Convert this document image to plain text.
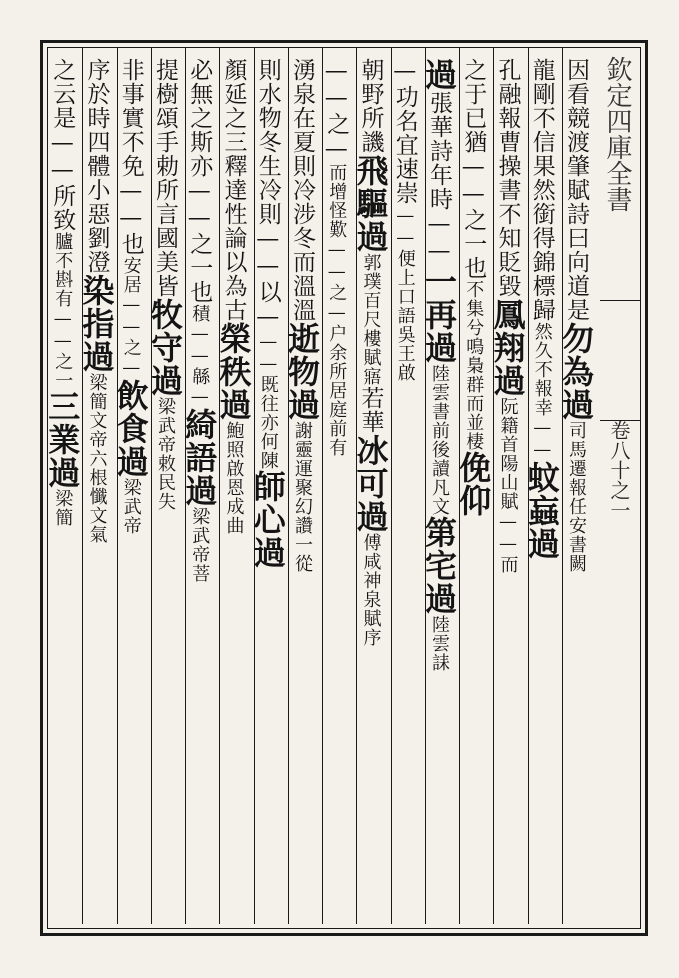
欽定四庫全書
卷八十之一
因看競渡肇賦詩曰向道是勿為過司馬遷報任安書闕
龍剛不信果然銜得錦標歸然久不報幸——蚊蝱過
孔融報曹操書不知貶毀鳳翔過阮籍首陽山賦——而
之于已猶——之一也不集兮鳴梟群而並棲俛仰
過張華詩年時——一再過陸雲書前後讀凡文第宅過陸雲誄
—功名宜速崇——便上口語吳王啟
朝野所譏飛驅過郭璞百尺樓賦寤若華冰可過傅咸神泉賦序
——之—而增怪歎——之—户余所居庭前有
湧泉在夏則冷涉冬而溫溫逝物過謝靈運聚幻讚一從
則水物冬生冷則——以———既往亦何陳師心過
顏延之三釋達性論以為古榮秩過鮑照啟恩成曲
必無之斯亦——之一也積——緜—綺語過梁武帝菩
提樹頌手勅所言國美皆牧守過梁武帝敕民失
非事實不免——也安居——之—飲食過梁武帝
序於時四體小惡劉澄染指過梁簡文帝六根懺文氣
之云是——所致臚不斟有——之一三業過梁簡
